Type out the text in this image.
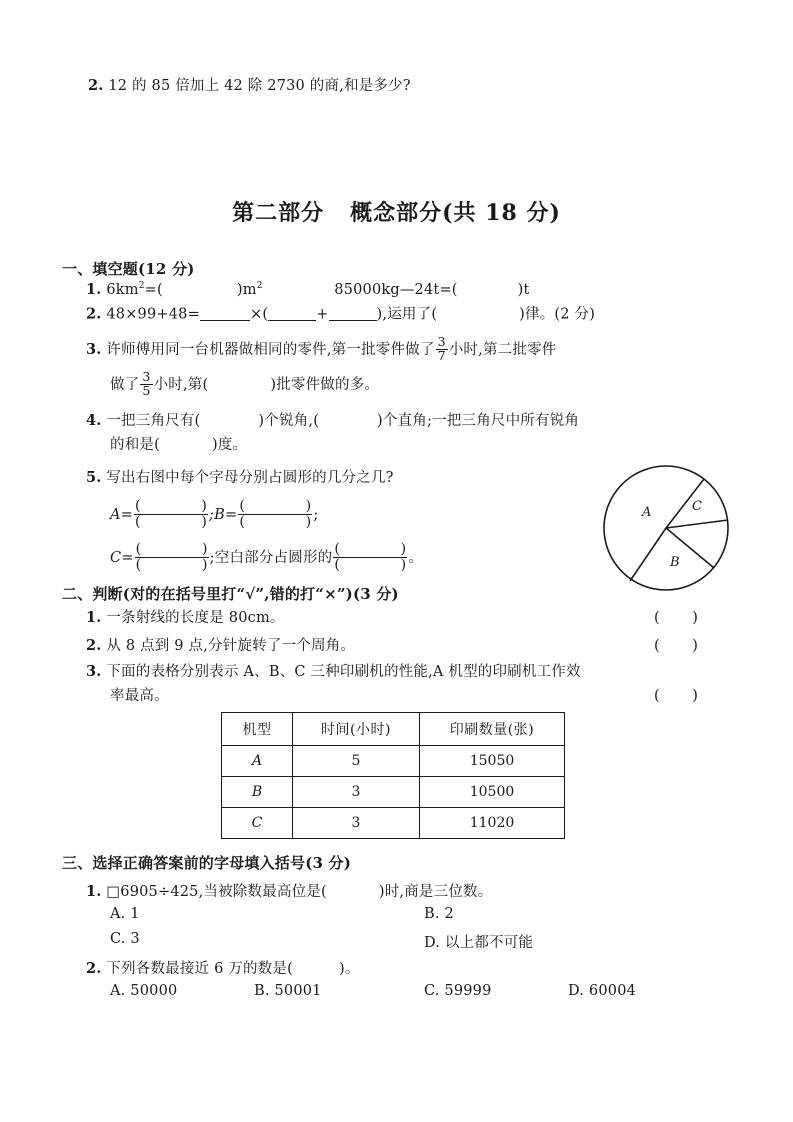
2. 12 的 85 倍加上 42 除 2730 的商,和是多少?
第二部分 概念部分(共 18 分)
一、填空题(12 分)
1. $6km^2=$(	)$m^2$	85000kg—24t=(	)t
2. 48×99+48=	×(	+	),运用了(	)律。(2 分)
3. 许师傅用同一台机器做相同的零件,第一批零件做了 $\frac{3}{7}$ 小时,第二批零件
做了 $\frac{3}{5}$ 小时,第(	)批零件做的多。
4. 一把三角尺有(	)个锐角,(	)个直角;一把三角尺中所有锐角
的和是(	)度。
5. 写出右图中每个字母分别占圆形的几分之几?
A=
(	)
(	) ;B=
(	)
(	) ;
C=
(	)
(	) ;空白部分占圆形的
(	)
(	) 。
A
B
C
二、判断(对的在括号里打“√”,错的打“×”)(3 分)
1. 一条射线的长度是 80cm。	( )
2. 从 8 点到 9 点,分针旋转了一个周角。	( )
3. 下面的表格分别表示 A、B、C 三种印刷机的性能,A 机型的印刷机工作效
率最高。	( )
机型	时间(小时)	印刷数量(张)
A	5	15050
B	3	10500
C	3	11020
三、选择正确答案前的字母填入括号(3 分)
1. □6905÷425,当被除数最高位是(	)时,商是三位数。
A. 1	B. 2
C. 3	D. 以上都不可能
2. 下列各数最接近 6 万的数是(	)。
A. 50000	B. 50001	C. 59999	D. 60004
